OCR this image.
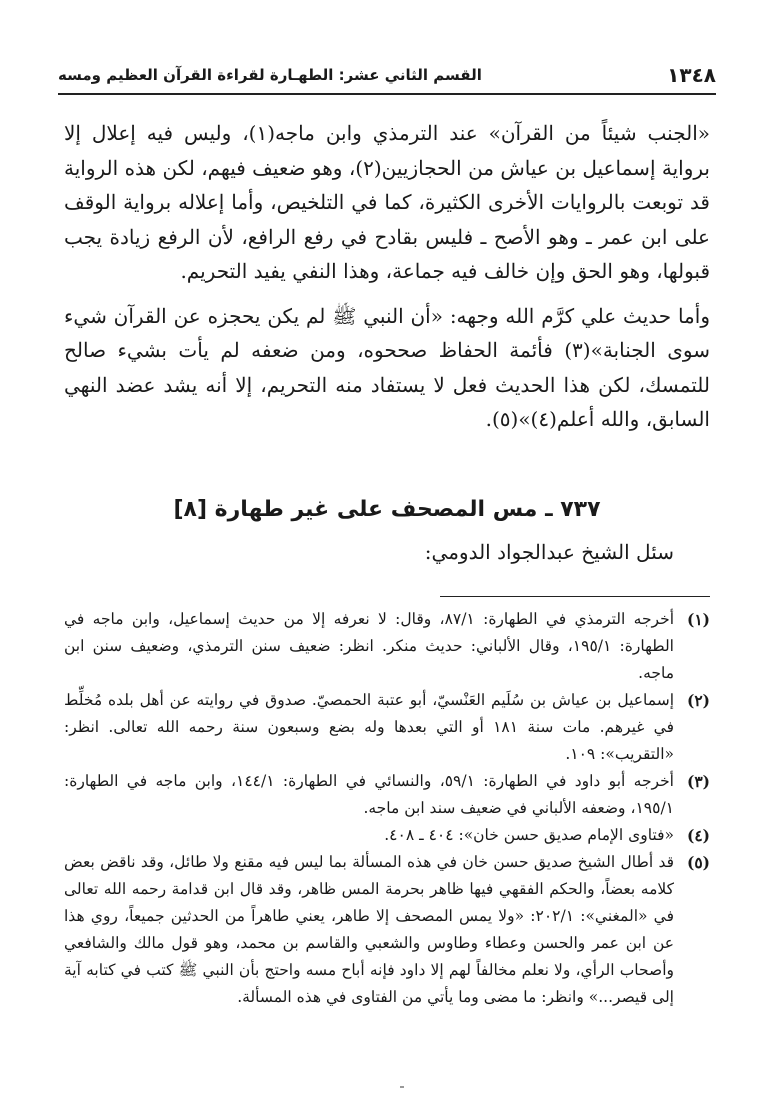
١٣٤٨
القسم الثاني عشر: الطهـارة لقراءة القرآن العظيم ومسه

«الجنب شيئاً من القرآن» عند الترمذي وابن ماجه(١)، وليس فيه إعلال إلا برواية إسماعيل بن عياش من الحجازيين(٢)، وهو ضعيف فيهم، لكن هذه الرواية قد توبعت بالروايات الأخرى الكثيرة، كما في التلخيص، وأما إعلاله برواية الوقف على ابن عمر ـ وهو الأصح ـ فليس بقادح في رفع الرافع، لأن الرفع زيادة يجب قبولها، وهو الحق وإن خالف فيه جماعة، وهذا النفي يفيد التحريم.

وأما حديث علي كرَّم الله وجهه: «أن النبي ﷺ لم يكن يحجزه عن القرآن شيء سوى الجنابة»(٣) فأئمة الحفاظ صححوه، ومن ضعفه لم يأت بشيء صالح للتمسك، لكن هذا الحديث فعل لا يستفاد منه التحريم، إلا أنه يشد عضد النهي السابق، والله أعلم(٤)»(٥).

٧٣٧ ـ مس المصحف على غير طهارة [٨]
سئل الشيخ عبدالجواد الدومي:
(١)
أخرجه الترمذي في الطهارة: ٨٧/١، وقال: لا نعرفه إلا من حديث إسماعيل، وابن ماجه في الطهارة: ١٩٥/١، وقال الألباني: حديث منكر. انظر: ضعيف سنن الترمذي، وضعيف سنن ابن ماجه.
(٢)
إسماعيل بن عياش بن سُلَيم العَنْسيّ، أبو عتبة الحمصيّ. صدوق في روايته عن أهل بلده مُخلِّط في غيرهم. مات سنة ١٨١ أو التي بعدها وله بضع وسبعون سنة رحمه الله تعالى. انظر: «التقريب»: ١٠٩.
(٣)
أخرجه أبو داود في الطهارة: ٥٩/١، والنسائي في الطهارة: ١٤٤/١، وابن ماجه في الطهارة: ١٩٥/١، وضعفه الألباني في ضعيف سند ابن ماجه.
(٤)
«فتاوى الإمام صديق حسن خان»: ٤٠٤ ـ ٤٠٨.
(٥)
قد أطال الشيخ صديق حسن خان في هذه المسألة بما ليس فيه مقنع ولا طائل، وقد ناقض بعض كلامه بعضاً، والحكم الفقهي فيها ظاهر بحرمة المس ظاهر، وقد قال ابن قدامة رحمه الله تعالى في «المغني»: ٢٠٢/١: «ولا يمس المصحف إلا طاهر، يعني طاهراً من الحدثين جميعاً، روي هذا عن ابن عمر والحسن وعطاء وطاوس والشعبي والقاسم بن محمد، وهو قول مالك والشافعي وأصحاب الرأي، ولا نعلم مخالفاً لهم إلا داود فإنه أباح مسه واحتج بأن النبي ﷺ كتب في كتابه آية إلى قيصر...» وانظر: ما مضى وما يأتي من الفتاوى في هذه المسألة.
